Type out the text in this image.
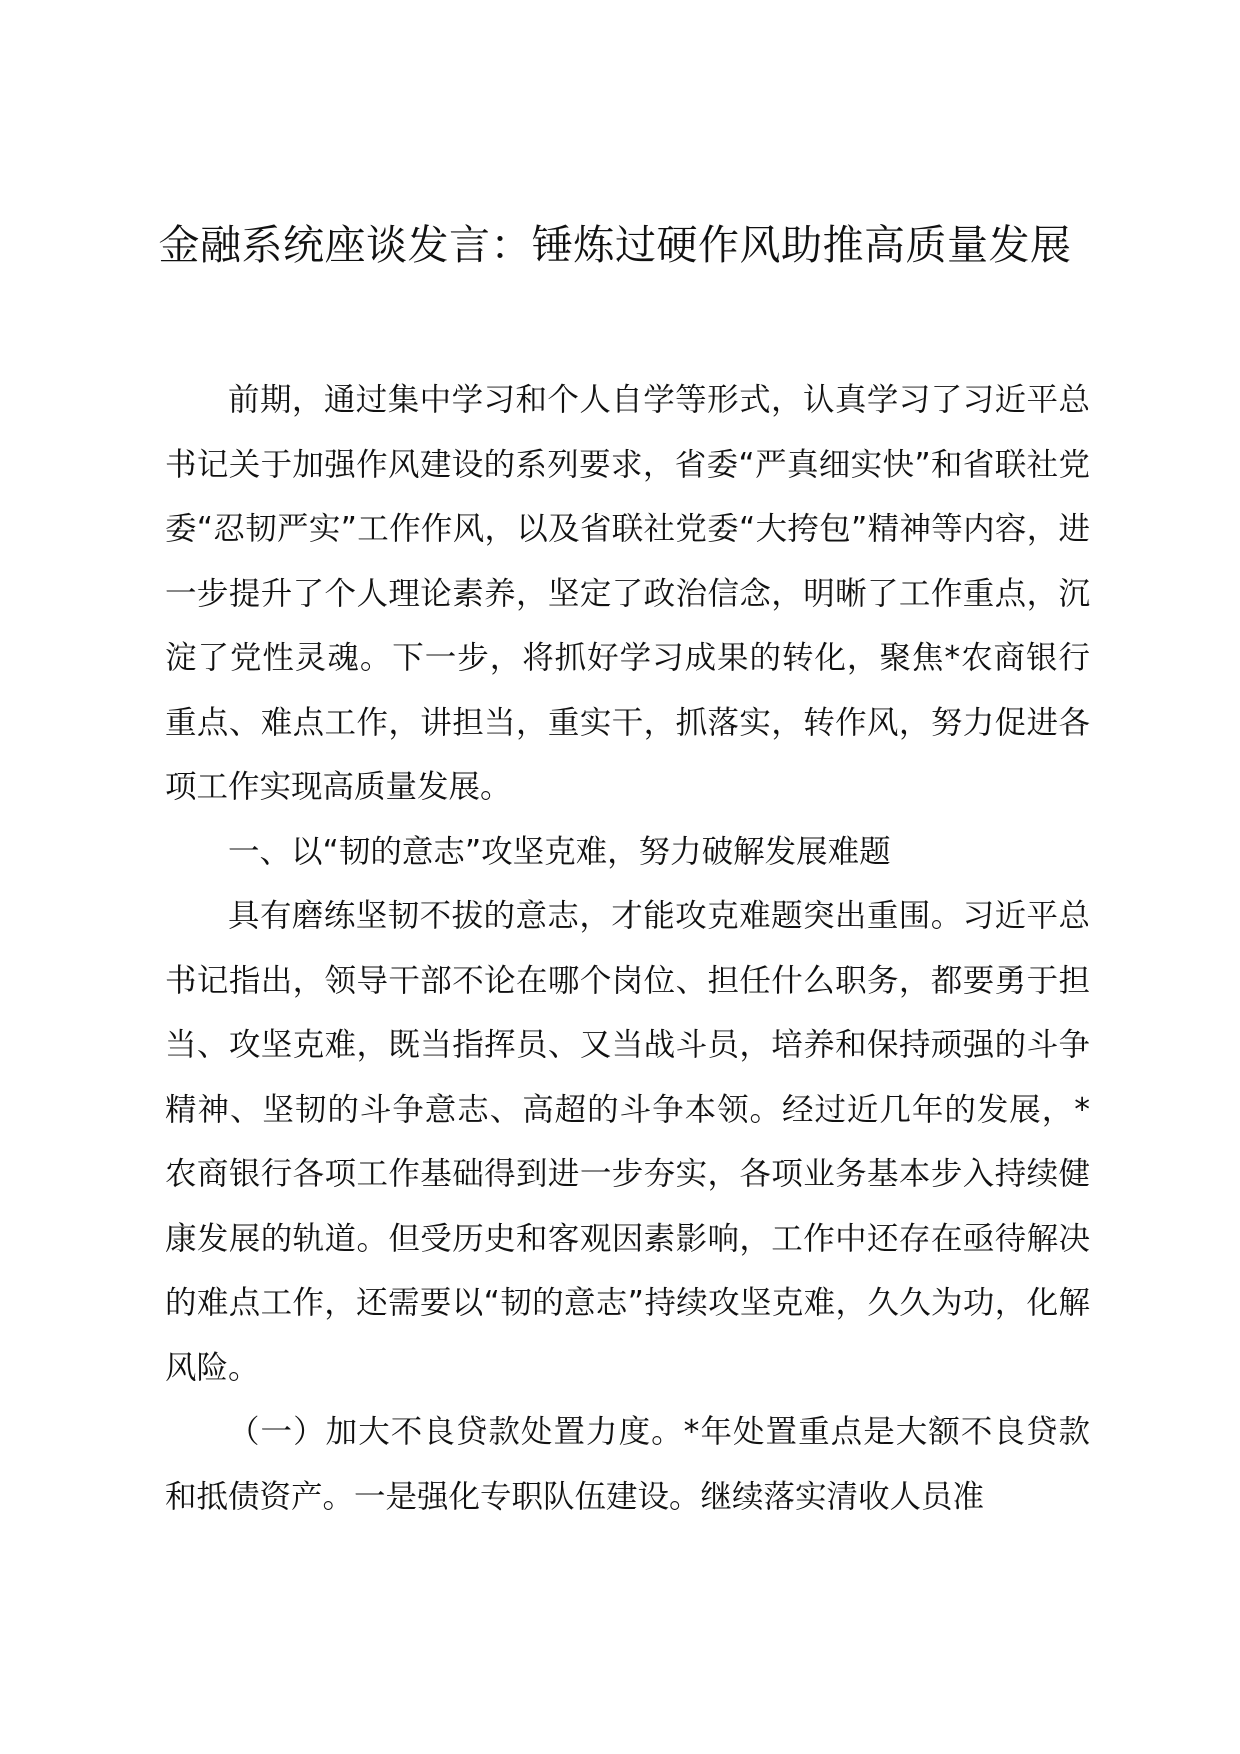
金融系统座谈发言：锤炼过硬作风助推高质量发展

前期，通过集中学习和个人自学等形式，认真学习了习近平总书记关于加强作风建设的系列要求，省委“严真细实快”和省联社党委“忍韧严实”工作作风，以及省联社党委“大挎包”精神等内容，进一步提升了个人理论素养，坚定了政治信念，明晰了工作重点，沉淀了党性灵魂。下一步，将抓好学习成果的转化，聚焦*农商银行重点、难点工作，讲担当，重实干，抓落实，转作风，努力促进各项工作实现高质量发展。

一、以“韧的意志”攻坚克难，努力破解发展难题

具有磨练坚韧不拔的意志，才能攻克难题突出重围。习近平总书记指出，领导干部不论在哪个岗位、担任什么职务，都要勇于担当、攻坚克难，既当指挥员、又当战斗员，培养和保持顽强的斗争精神、坚韧的斗争意志、高超的斗争本领。经过近几年的发展，*农商银行各项工作基础得到进一步夯实，各项业务基本步入持续健康发展的轨道。但受历史和客观因素影响，工作中还存在亟待解决的难点工作，还需要以“韧的意志”持续攻坚克难，久久为功，化解风险。

（一）加大不良贷款处置力度。*年处置重点是大额不良贷款和抵债资产。一是强化专职队伍建设。继续落实清收人员准
